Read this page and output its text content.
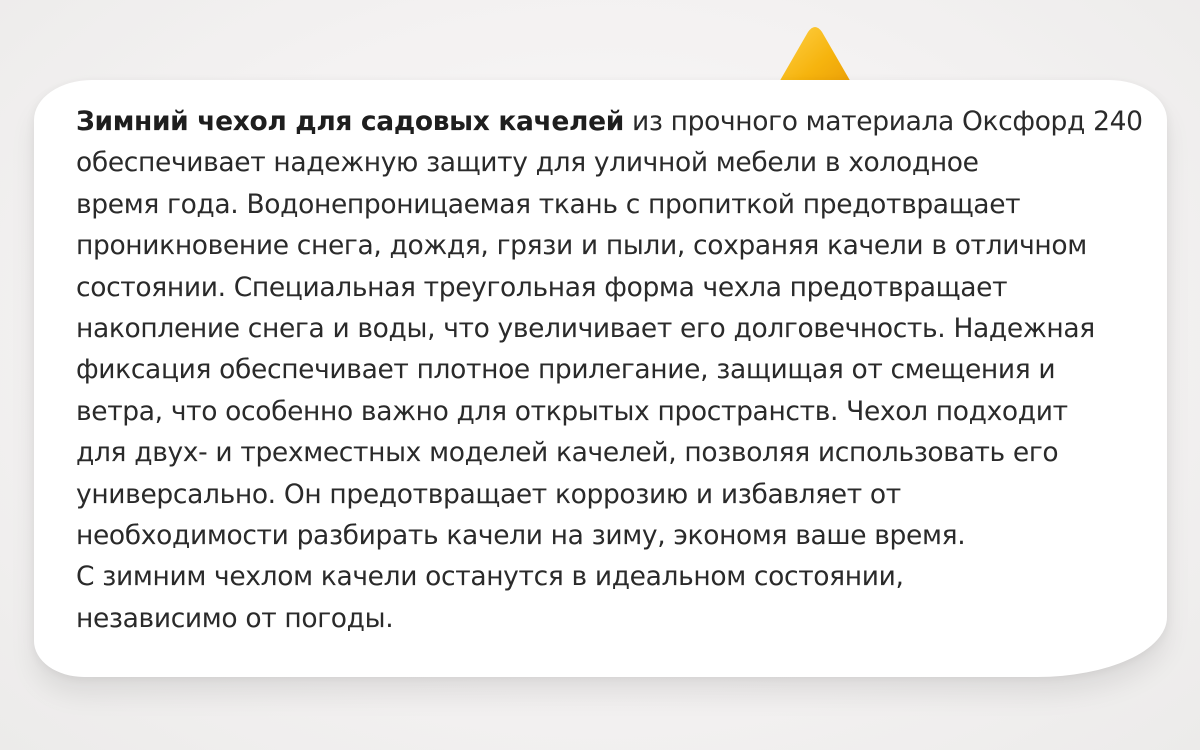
Зимний чехол для садовых качелей из прочного материала Оксфорд 240
обеспечивает надежную защиту для уличной мебели в холодное
время года. Водонепроницаемая ткань с пропиткой предотвращает
проникновение снега, дождя, грязи и пыли, сохраняя качели в отличном
состоянии. Специальная треугольная форма чехла предотвращает
накопление снега и воды, что увеличивает его долговечность. Надежная
фиксация обеспечивает плотное прилегание, защищая от смещения и
ветра, что особенно важно для открытых пространств. Чехол подходит
для двух- и трехместных моделей качелей, позволяя использовать его
универсально. Он предотвращает коррозию и избавляет от
необходимости разбирать качели на зиму, экономя ваше время.
С зимним чехлом качели останутся в идеальном состоянии,
независимо от погоды.
